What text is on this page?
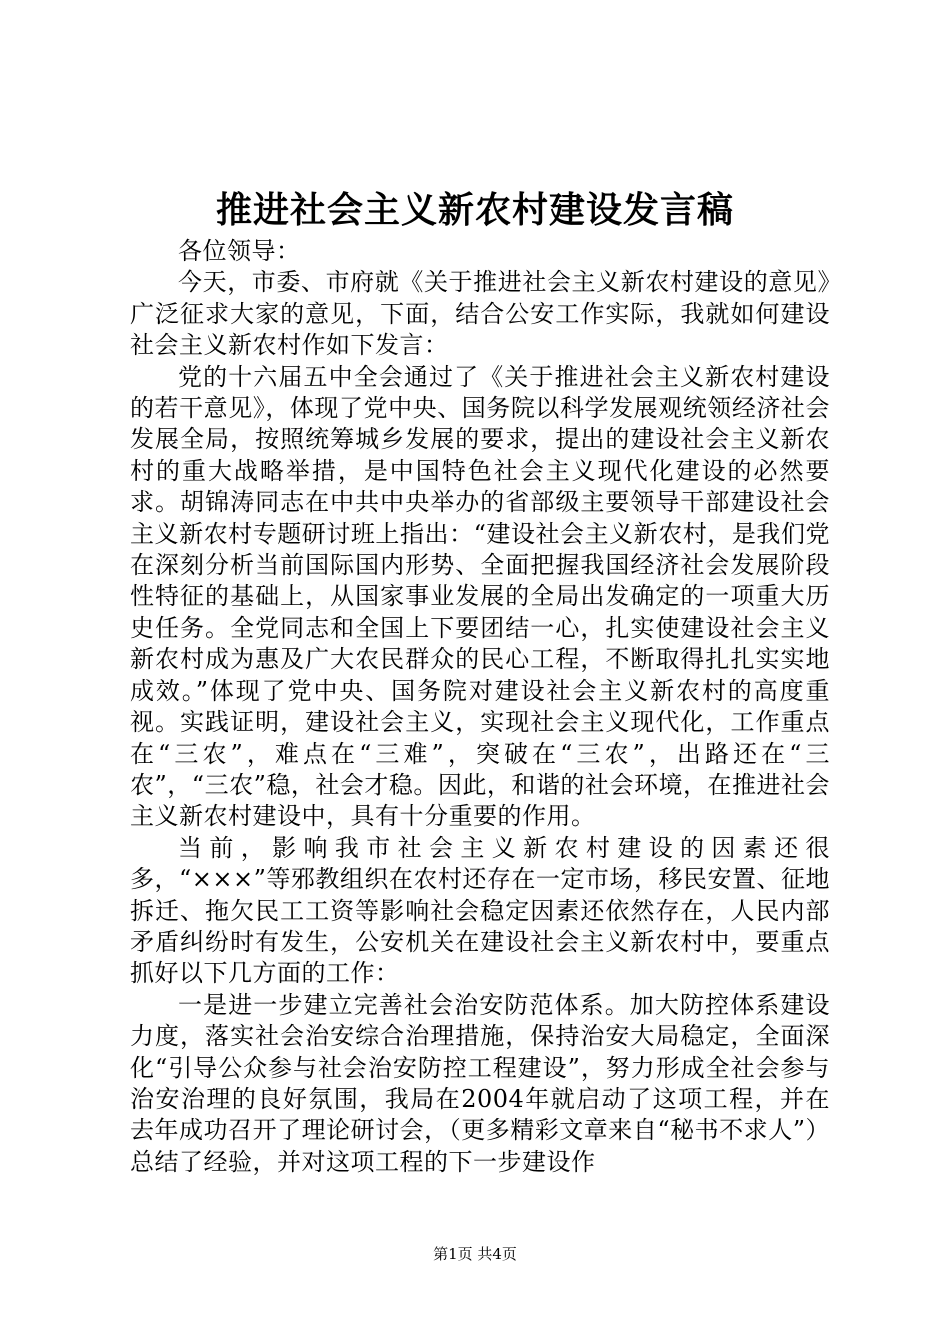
推进社会主义新农村建设发言稿

各位领导：

今天，市委、市府就《关于推进社会主义新农村建设的意见》广泛征求大家的意见，下面，结合公安工作实际，我就如何建设社会主义新农村作如下发言：

党的十六届五中全会通过了《关于推进社会主义新农村建设的若干意见》，体现了党中央、国务院以科学发展观统领经济社会发展全局，按照统筹城乡发展的要求，提出的建设社会主义新农村的重大战略举措，是中国特色社会主义现代化建设的必然要求。胡锦涛同志在中共中央举办的省部级主要领导干部建设社会主义新农村专题研讨班上指出：“建设社会主义新农村，是我们党在深刻分析当前国际国内形势、全面把握我国经济社会发展阶段性特征的基础上，从国家事业发展的全局出发确定的一项重大历史任务。全党同志和全国上下要团结一心，扎实使建设社会主义新农村成为惠及广大农民群众的民心工程，不断取得扎扎实实地成效。”体现了党中央、国务院对建设社会主义新农村的高度重视。实践证明，建设社会主义，实现社会主义现代化，工作重点在“三农”，难点在“三难”，突破在“三农”，出路还在“三农”，“三农”稳，社会才稳。因此，和谐的社会环境，在推进社会主义新农村建设中，具有十分重要的作用。

当前，影响我市社会主义新农村建设的因素还很多，“×××”等邪教组织在农村还存在一定市场，移民安置、征地拆迁、拖欠民工工资等影响社会稳定因素还依然存在，人民内部矛盾纠纷时有发生，公安机关在建设社会主义新农村中，要重点抓好以下几方面的工作：

一是进一步建立完善社会治安防范体系。加大防控体系建设力度，落实社会治安综合治理措施，保持治安大局稳定，全面深化“引导公众参与社会治安防控工程建设”，努力形成全社会参与治安治理的良好氛围，我局在2004年就启动了这项工程，并在去年成功召开了理论研讨会，（更多精彩文章来自“秘书不求人”）总结了经验，并对这项工程的下一步建设作

第1页 共4页
